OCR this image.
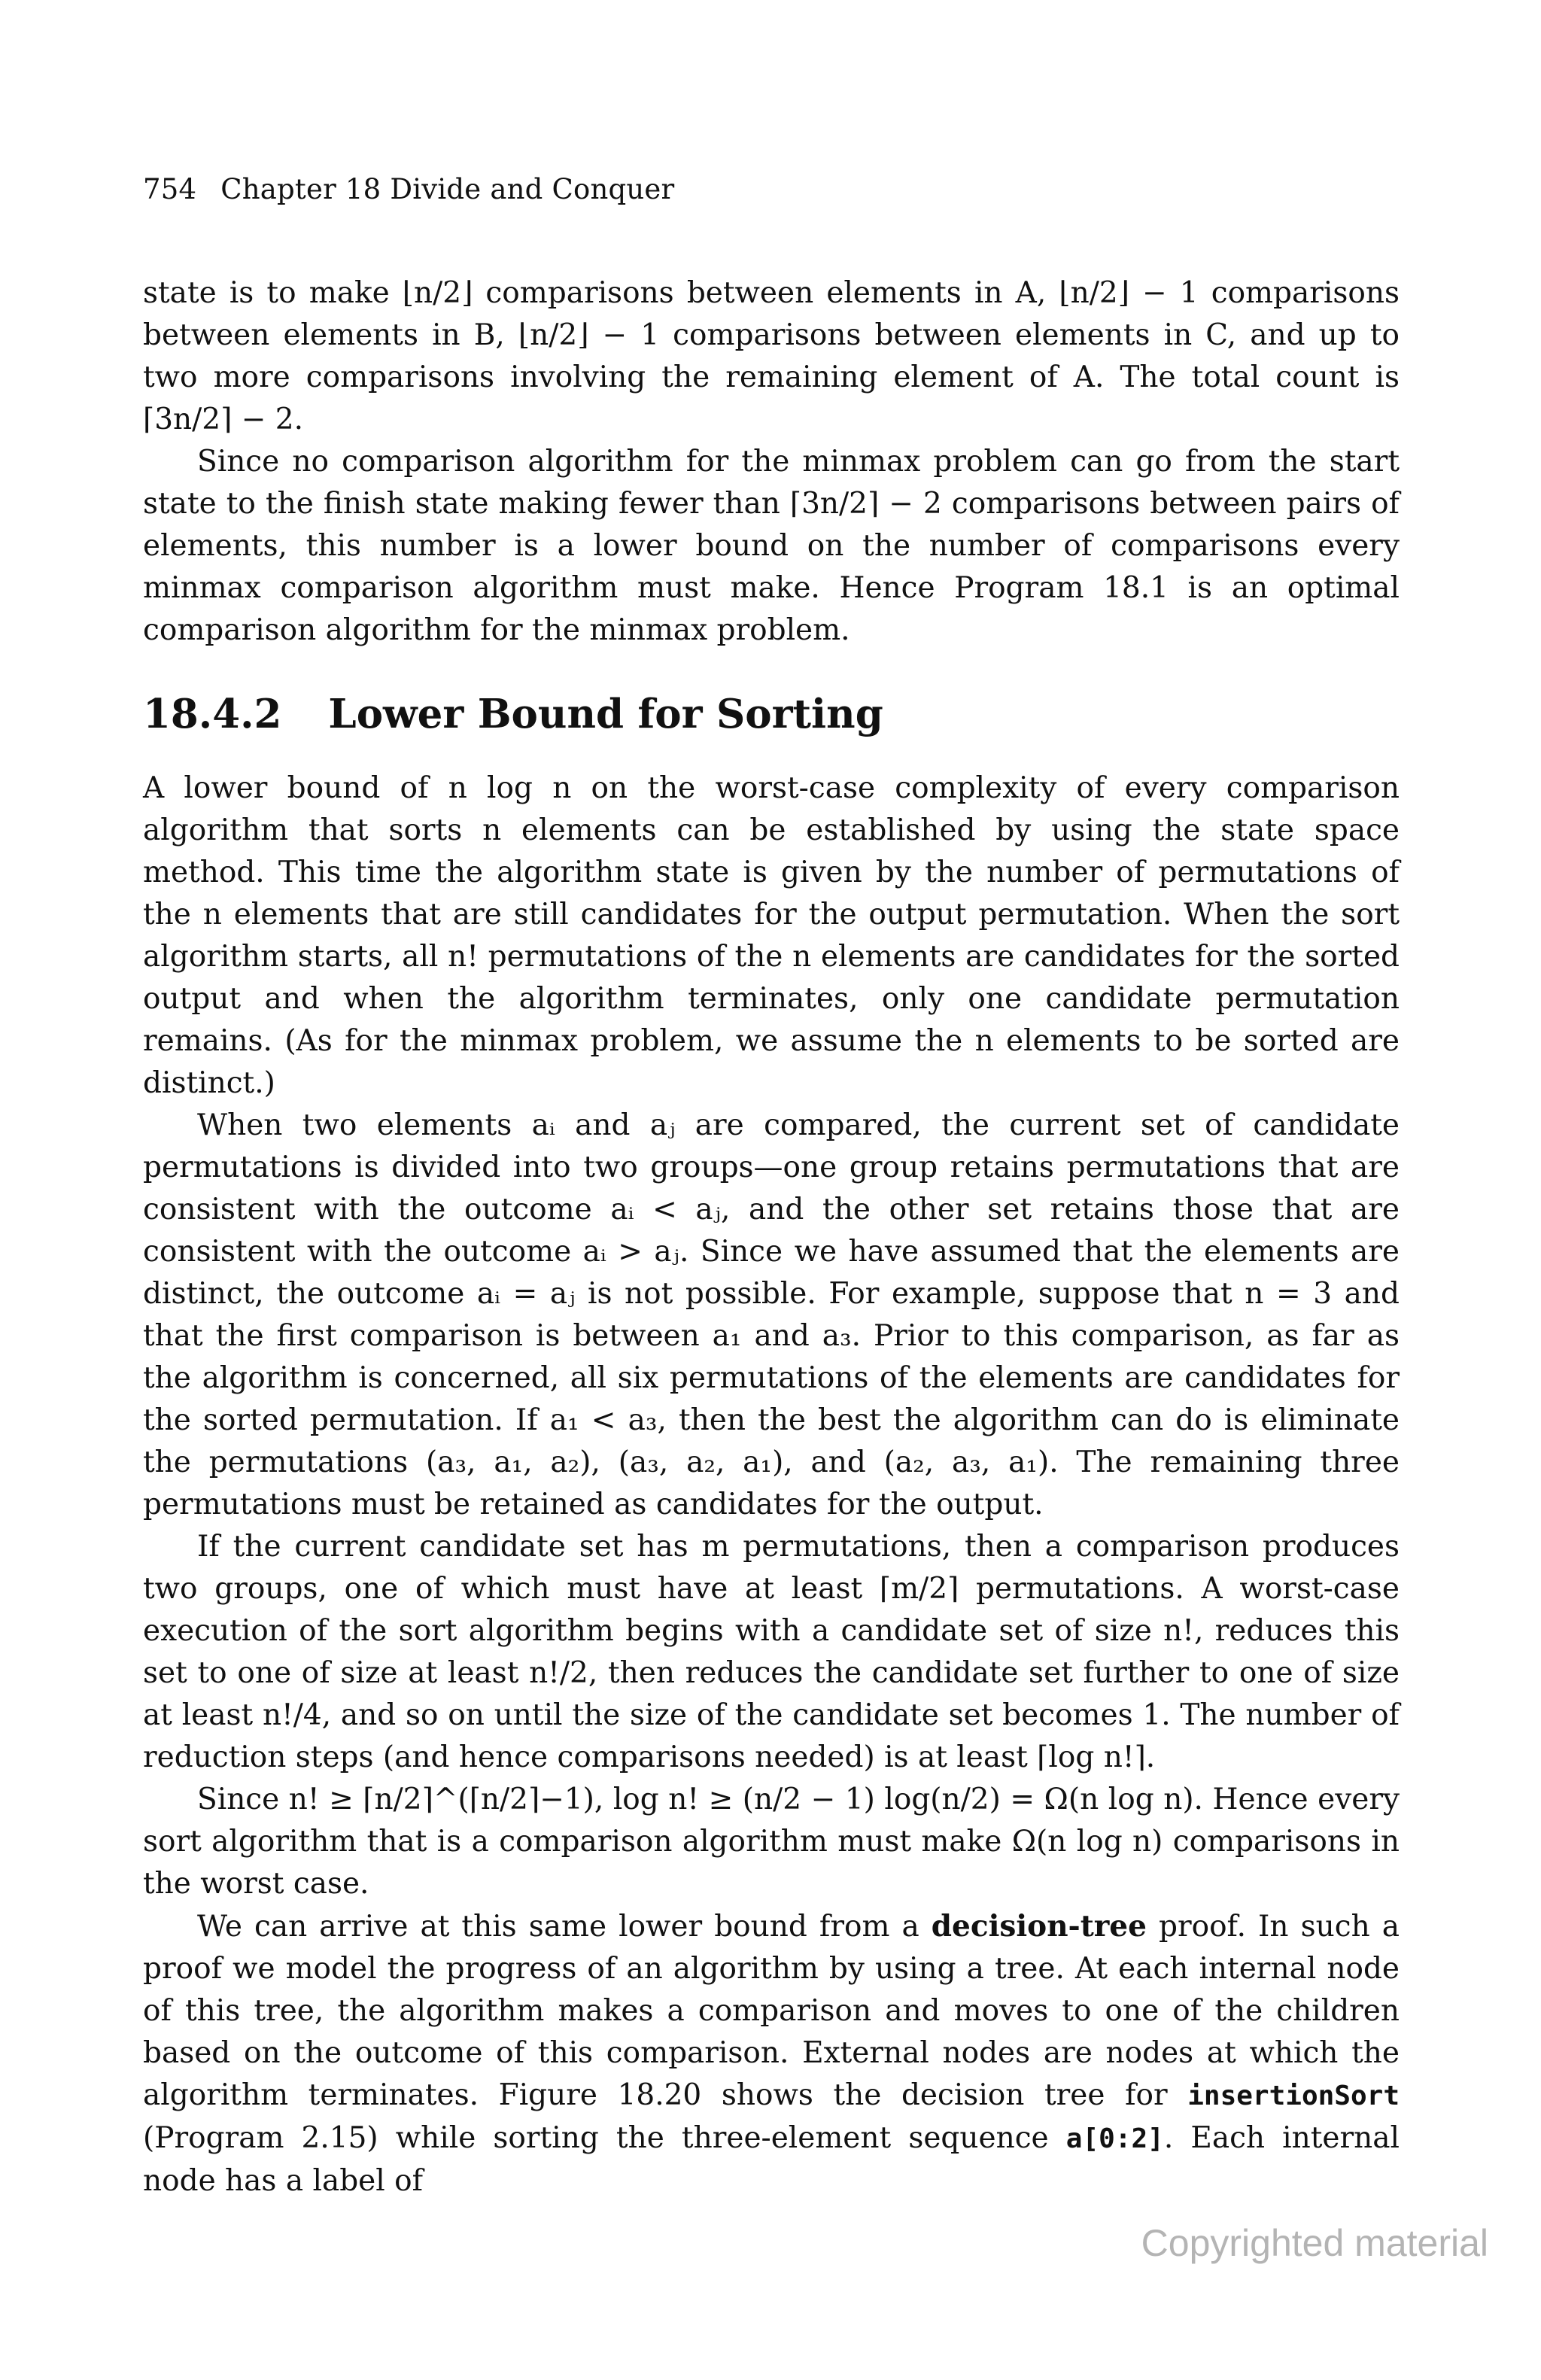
754 Chapter 18 Divide and Conquer

state is to make ⌊n/2⌋ comparisons between elements in A, ⌊n/2⌋ − 1 comparisons between elements in B, ⌊n/2⌋ − 1 comparisons between elements in C, and up to two more comparisons involving the remaining element of A. The total count is ⌈3n/2⌉ − 2.

Since no comparison algorithm for the minmax problem can go from the start state to the finish state making fewer than ⌈3n/2⌉ − 2 comparisons between pairs of elements, this number is a lower bound on the number of comparisons every minmax comparison algorithm must make. Hence Program 18.1 is an optimal comparison algorithm for the minmax problem.

18.4.2 Lower Bound for Sorting

A lower bound of n log n on the worst-case complexity of every comparison algorithm that sorts n elements can be established by using the state space method. This time the algorithm state is given by the number of permutations of the n elements that are still candidates for the output permutation. When the sort algorithm starts, all n! permutations of the n elements are candidates for the sorted output and when the algorithm terminates, only one candidate permutation remains. (As for the minmax problem, we assume the n elements to be sorted are distinct.)

When two elements aᵢ and aⱼ are compared, the current set of candidate permutations is divided into two groups—one group retains permutations that are consistent with the outcome aᵢ < aⱼ, and the other set retains those that are consistent with the outcome aᵢ > aⱼ. Since we have assumed that the elements are distinct, the outcome aᵢ = aⱼ is not possible. For example, suppose that n = 3 and that the first comparison is between a₁ and a₃. Prior to this comparison, as far as the algorithm is concerned, all six permutations of the elements are candidates for the sorted permutation. If a₁ < a₃, then the best the algorithm can do is eliminate the permutations (a₃, a₁, a₂), (a₃, a₂, a₁), and (a₂, a₃, a₁). The remaining three permutations must be retained as candidates for the output.

If the current candidate set has m permutations, then a comparison produces two groups, one of which must have at least ⌈m/2⌉ permutations. A worst-case execution of the sort algorithm begins with a candidate set of size n!, reduces this set to one of size at least n!/2, then reduces the candidate set further to one of size at least n!/4, and so on until the size of the candidate set becomes 1. The number of reduction steps (and hence comparisons needed) is at least ⌈log n!⌉.

Since n! ≥ ⌈n/2⌉^(⌈n/2⌉−1), log n! ≥ (n/2 − 1) log(n/2) = Ω(n log n). Hence every sort algorithm that is a comparison algorithm must make Ω(n log n) comparisons in the worst case.

We can arrive at this same lower bound from a decision-tree proof. In such a proof we model the progress of an algorithm by using a tree. At each internal node of this tree, the algorithm makes a comparison and moves to one of the children based on the outcome of this comparison. External nodes are nodes at which the algorithm terminates. Figure 18.20 shows the decision tree for insertionSort (Program 2.15) while sorting the three-element sequence a[0:2]. Each internal node has a label of

Copyrighted material
